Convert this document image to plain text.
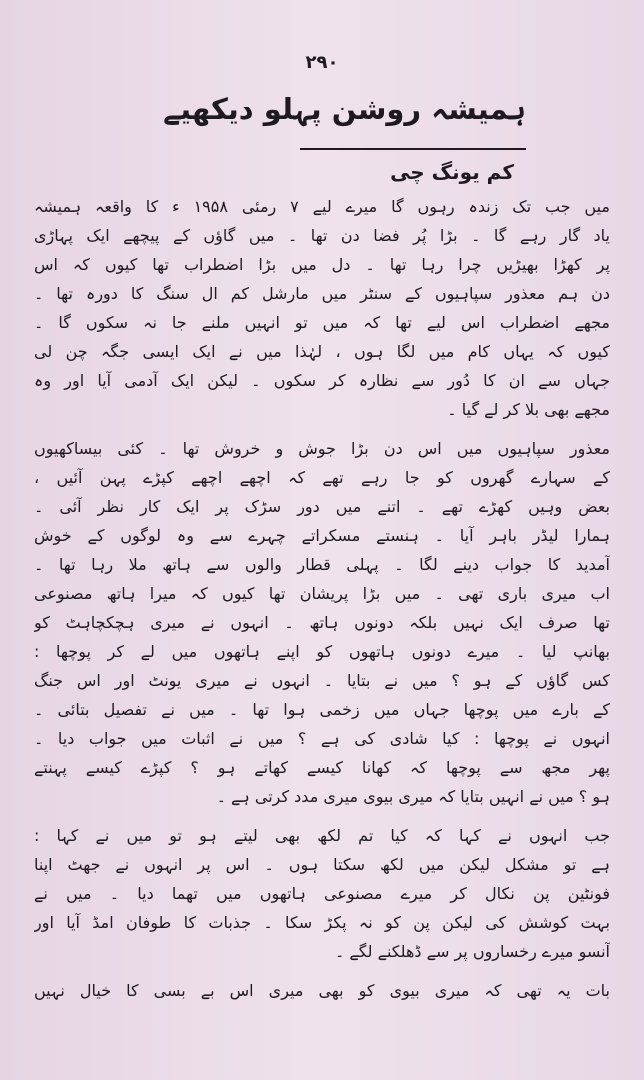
۲۹۰
ہمیشہ روشن پہلو دیکھیے
کم یونگ چی
میں جب تک زندہ رہوں گا میرے لیے ۷ رمئی ۱۹۵۸ ء کا واقعہ ہمیشہ
یاد گار رہے گا ۔ بڑا پُر فضا دن تھا ۔ میں گاؤں کے پیچھے ایک پہاڑی
پر کھڑا بھیڑیں چرا رہا تھا ۔ دل میں بڑا اضطراب تھا کیوں کہ اس
دن ہم معذور سپاہیوں کے سنٹر میں مارشل کم ال سنگ کا دورہ تھا ۔
مجھے اضطراب اس لیے تھا کہ میں تو انہیں ملنے جا نہ سکوں گا ۔
کیوں کہ یہاں کام میں لگا ہوں ، لہٰذا میں نے ایک ایسی جگہ چن لی
جہاں سے ان کا دُور سے نظارہ کر سکوں ۔ لیکن ایک آدمی آیا اور وہ
مجھے بھی بلا کر لے گیا ۔
معذور سپاہیوں میں اس دن بڑا جوش و خروش تھا ۔ کئی بیساکھیوں
کے سہارے گھروں کو جا رہے تھے کہ اچھے اچھے کپڑے پہن آئیں ،
بعض وہیں کھڑے تھے ۔ اتنے میں دور سڑک پر ایک کار نظر آئی ۔
ہمارا لیڈر باہر آیا ۔ ہنستے مسکراتے چہرے سے وہ لوگوں کے خوش
آمدید کا جواب دینے لگا ۔ پہلی قطار والوں سے ہاتھ ملا رہا تھا ۔
اب میری باری تھی ۔ میں بڑا پریشان تھا کیوں کہ میرا ہاتھ مصنوعی
تھا صرف ایک نہیں بلکہ دونوں ہاتھ ۔ انہوں نے میری ہچکچاہٹ کو
بھانپ لیا ۔ میرے دونوں ہاتھوں کو اپنے ہاتھوں میں لے کر پوچھا :
کس گاؤں کے ہو ؟ میں نے بتایا ۔ انہوں نے میری یونٹ اور اس جنگ
کے بارے میں پوچھا جہاں میں زخمی ہوا تھا ۔ میں نے تفصیل بتائی ۔
انہوں نے پوچھا : کیا شادی کی ہے ؟ میں نے اثبات میں جواب دیا ۔
پھر مجھ سے پوچھا کہ کھانا کیسے کھاتے ہو ؟ کپڑے کیسے پہنتے
ہو ؟ میں نے انہیں بتایا کہ میری بیوی میری مدد کرتی ہے ۔
جب انہوں نے کہا کہ کیا تم لکھ بھی لیتے ہو تو میں نے کہا :
ہے تو مشکل لیکن میں لکھ سکتا ہوں ۔ اس پر انہوں نے جھٹ اپنا
فونٹین پن نکال کر میرے مصنوعی ہاتھوں میں تھما دیا ۔ میں نے
بہت کوشش کی لیکن پن کو نہ پکڑ سکا ۔ جذبات کا طوفان امڈ آیا اور
آنسو میرے رخساروں پر سے ڈھلکنے لگے ۔
بات یہ تھی کہ میری بیوی کو بھی میری اس بے بسی کا خیال نہیں
